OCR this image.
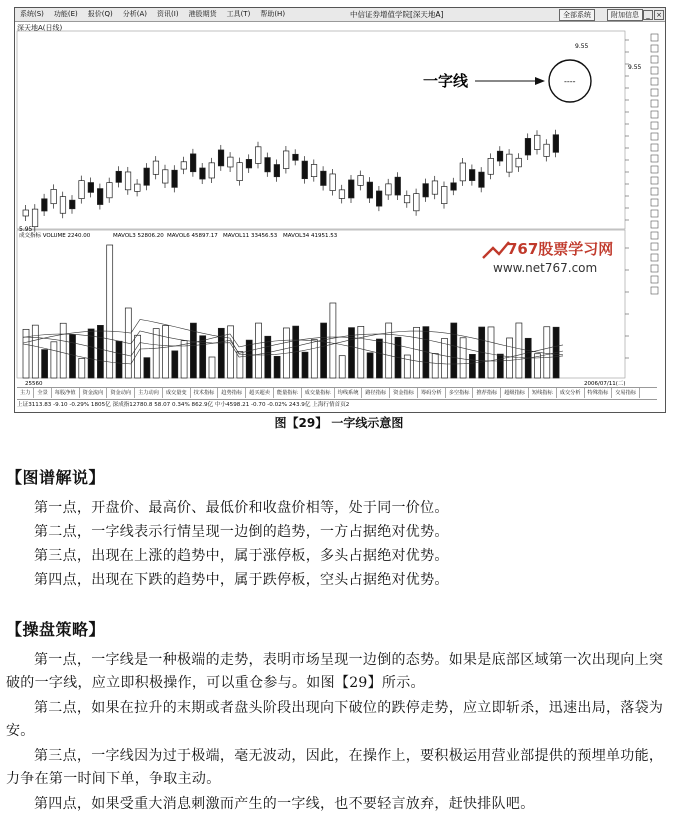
系统(S) 功能(E) 报价(Q) 分析(A) 资讯(I) 港股期货 工具(T) 帮助(H)	中信证券增值学院[深天地A]	全部系统	附加信息	_ ×
深天地A(日线)
9.55
9.55
5.95
一字线	----
成交指标 VOLUME 2240.00	MAVOL3 52806.20 MAVOL6 45897.17 MAVOL11 33456.53 MAVOL34 41951.53
767股票学习网
www.net767.com
25560	2006/07/11(二)
主力 全景 每股净值 资金流向 资金动向 主力动向 成交量变 技术指标 趋势指标 超买超卖 能量指标 成交量指标 均线系统 路径指标 资金指标 筹码分析 多空指标 推荐指标 超级指标 短线指标 成交分析 特殊指标 交易指标
上证3113.83 -9.10 -0.29% 1805亿 深成指12780.8 58.07 0.34% 862.9亿 中小4598.21 -0.70 -0.02% 243.9亿 上海行情首页2
图【29】 一字线示意图
【图谱解说】

第一点，开盘价、最高价、最低价和收盘价相等，处于同一价位。

第二点，一字线表示行情呈现一边倒的趋势，一方占据绝对优势。

第三点，出现在上涨的趋势中，属于涨停板，多头占据绝对优势。

第四点，出现在下跌的趋势中，属于跌停板，空头占据绝对优势。

【操盘策略】

第一点，一字线是一种极端的走势，表明市场呈现一边倒的态势。如果是底部区域第一次出现向上突破的一字线，应立即积极操作，可以重仓参与。如图【29】所示。

第二点，如果在拉升的末期或者盘头阶段出现向下破位的跌停走势，应立即斩杀，迅速出局，落袋为安。

第三点，一字线因为过于极端，毫无波动，因此，在操作上，要积极运用营业部提供的预埋单功能，力争在第一时间下单，争取主动。

第四点，如果受重大消息刺激而产生的一字线，也不要轻言放弃，赶快排队吧。
